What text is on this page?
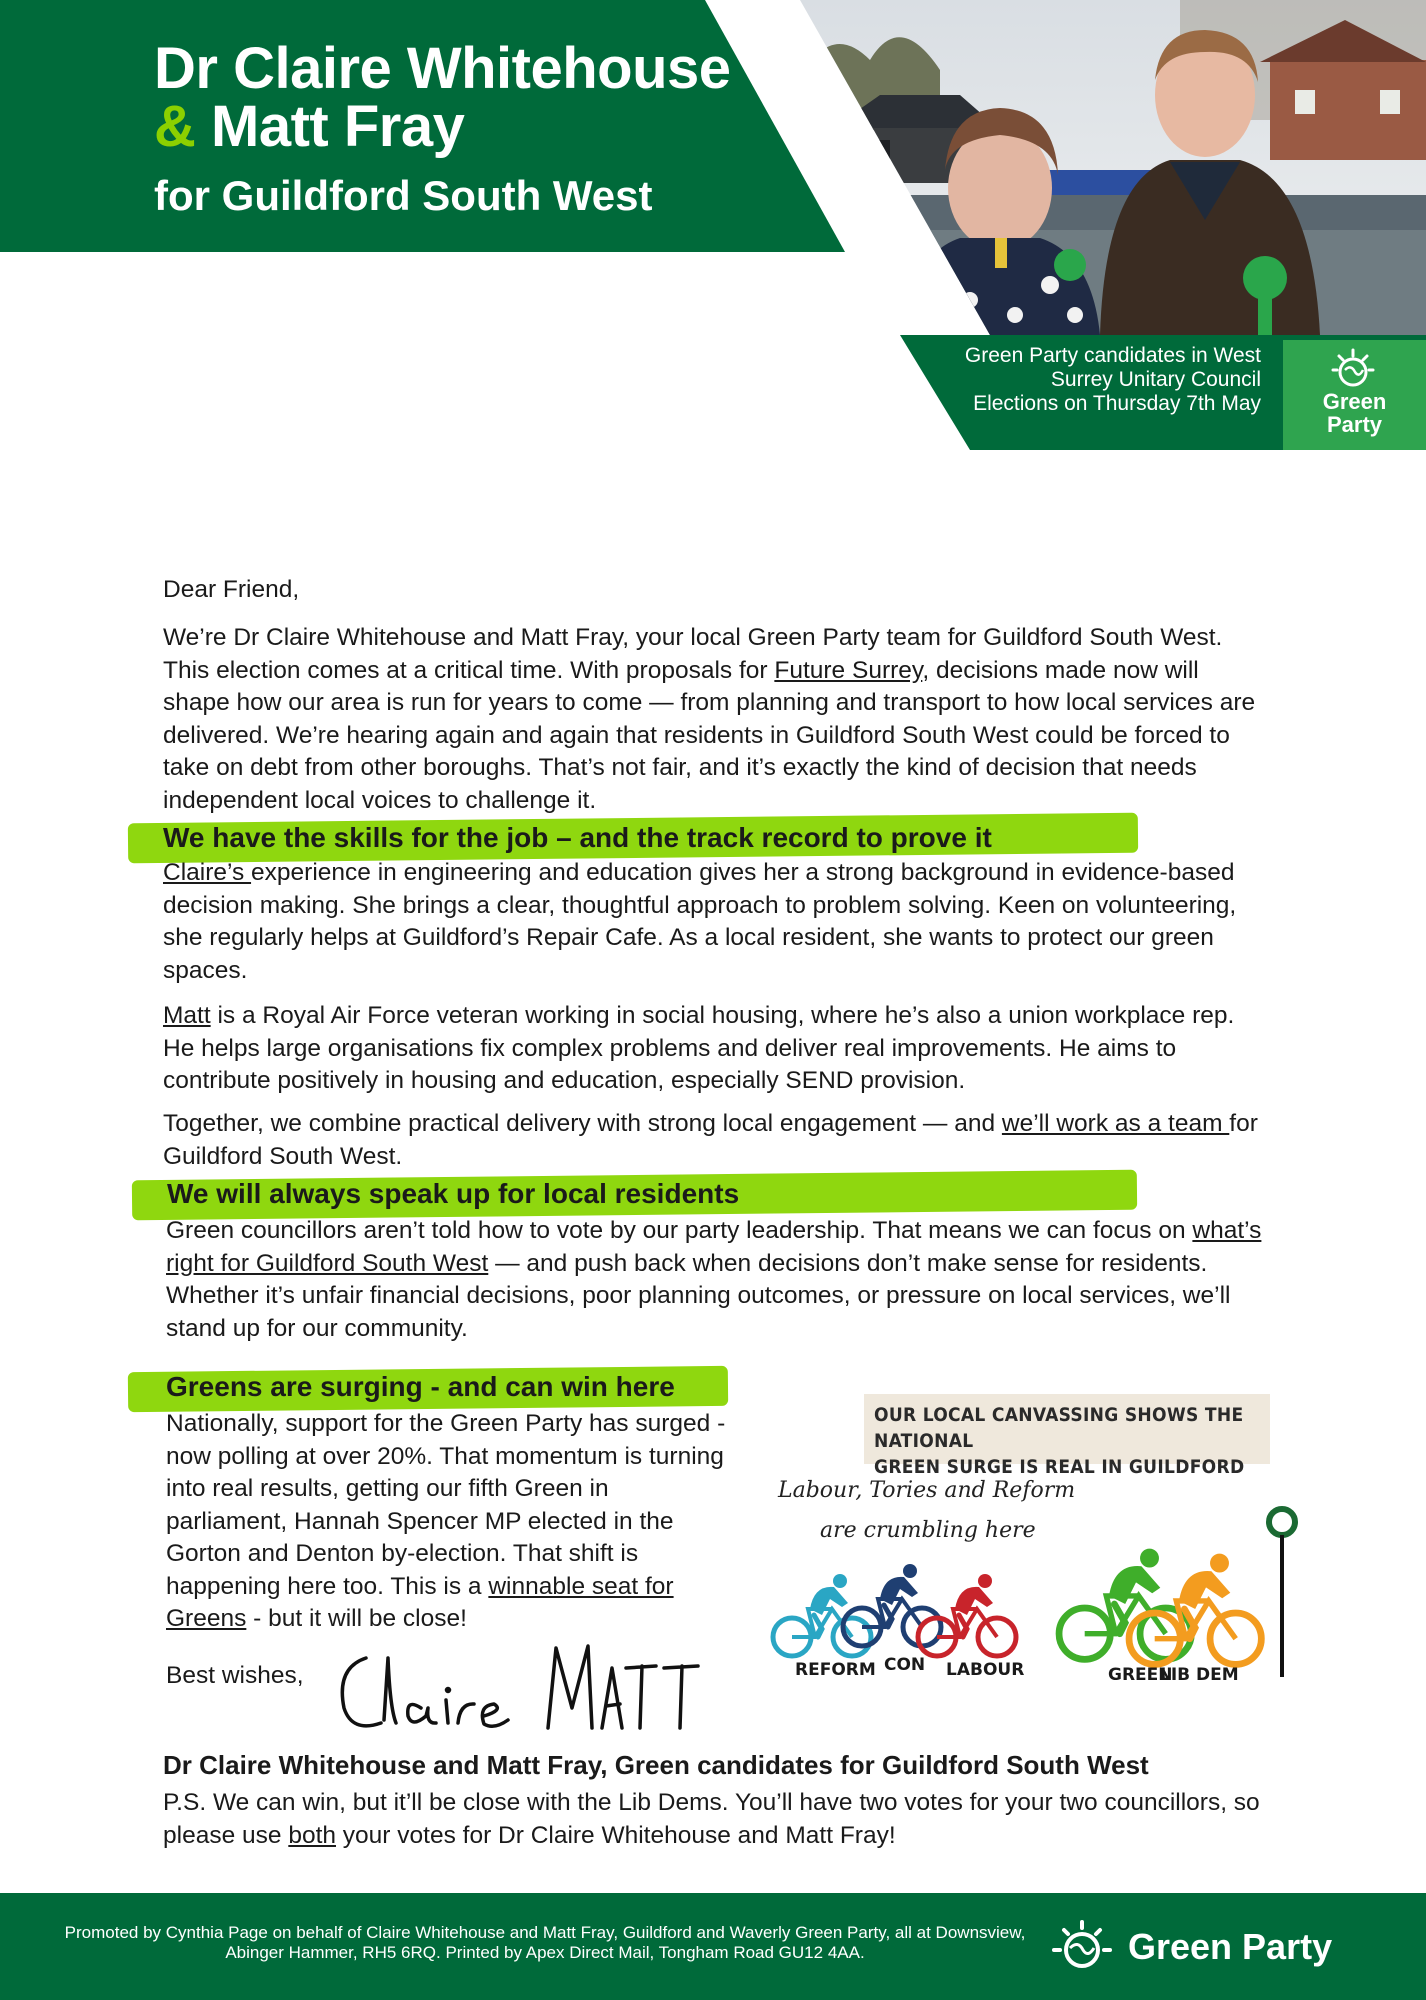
Dr Claire Whitehouse
& Matt Fray
for Guildford South West
Green Party candidates in West Surrey Unitary Council Elections on Thursday 7th May	Green
Party
Dear Friend,
We’re Dr Claire Whitehouse and Matt Fray, your local Green Party team for Guildford South West. This election comes at a critical time. With proposals for Future Surrey, decisions made now will shape how our area is run for years to come — from planning and transport to how local services are delivered. We’re hearing again and again that residents in Guildford South West could be forced to take on debt from other boroughs. That’s not fair, and it’s exactly the kind of decision that needs independent local voices to challenge it.
We have the skills for the job – and the track record to prove it
Claire’s experience in engineering and education gives her a strong background in evidence-based decision making. She brings a clear, thoughtful approach to problem solving. Keen on volunteering, she regularly helps at Guildford’s Repair Cafe. As a local resident, she wants to protect our green spaces.
Matt is a Royal Air Force veteran working in social housing, where he’s also a union workplace rep. He helps large organisations fix complex problems and deliver real improvements. He aims to contribute positively in housing and education, especially SEND provision.
Together, we combine practical delivery with strong local engagement — and we’ll work as a team for Guildford South West.
We will always speak up for local residents
Green councillors aren’t told how to vote by our party leadership. That means we can focus on what’s right for Guildford South West — and push back when decisions don’t make sense for residents. Whether it’s unfair financial decisions, poor planning outcomes, or pressure on local services, we’ll stand up for our community.
Greens are surging - and can win here
Nationally, support for the Green Party has surged - now polling at over 20%. That momentum is turning into real results, getting our fifth Green in parliament, Hannah Spencer MP elected in the Gorton and Denton by-election. That shift is happening here too. This is a winnable seat for Greens - but it will be close!
Best wishes,
Dr Claire Whitehouse and Matt Fray, Green candidates for Guildford South West
P.S. We can win, but it’ll be close with the Lib Dems. You’ll have two votes for your two councillors, so please use both your votes for Dr Claire Whitehouse and Matt Fray!
OUR LOCAL CANVASSING SHOWS THE NATIONAL
GREEN SURGE IS REAL IN GUILDFORD
Labour, Tories and Reform
are crumbling here
REFORM CON LABOUR	GREEN
LIB DEM
Promoted by Cynthia Page on behalf of Claire Whitehouse and Matt Fray, Guildford and Waverly Green Party, all at Downsview, Abinger Hammer, RH5 6RQ. Printed by Apex Direct Mail, Tongham Road GU12 4AA.	Green Party
